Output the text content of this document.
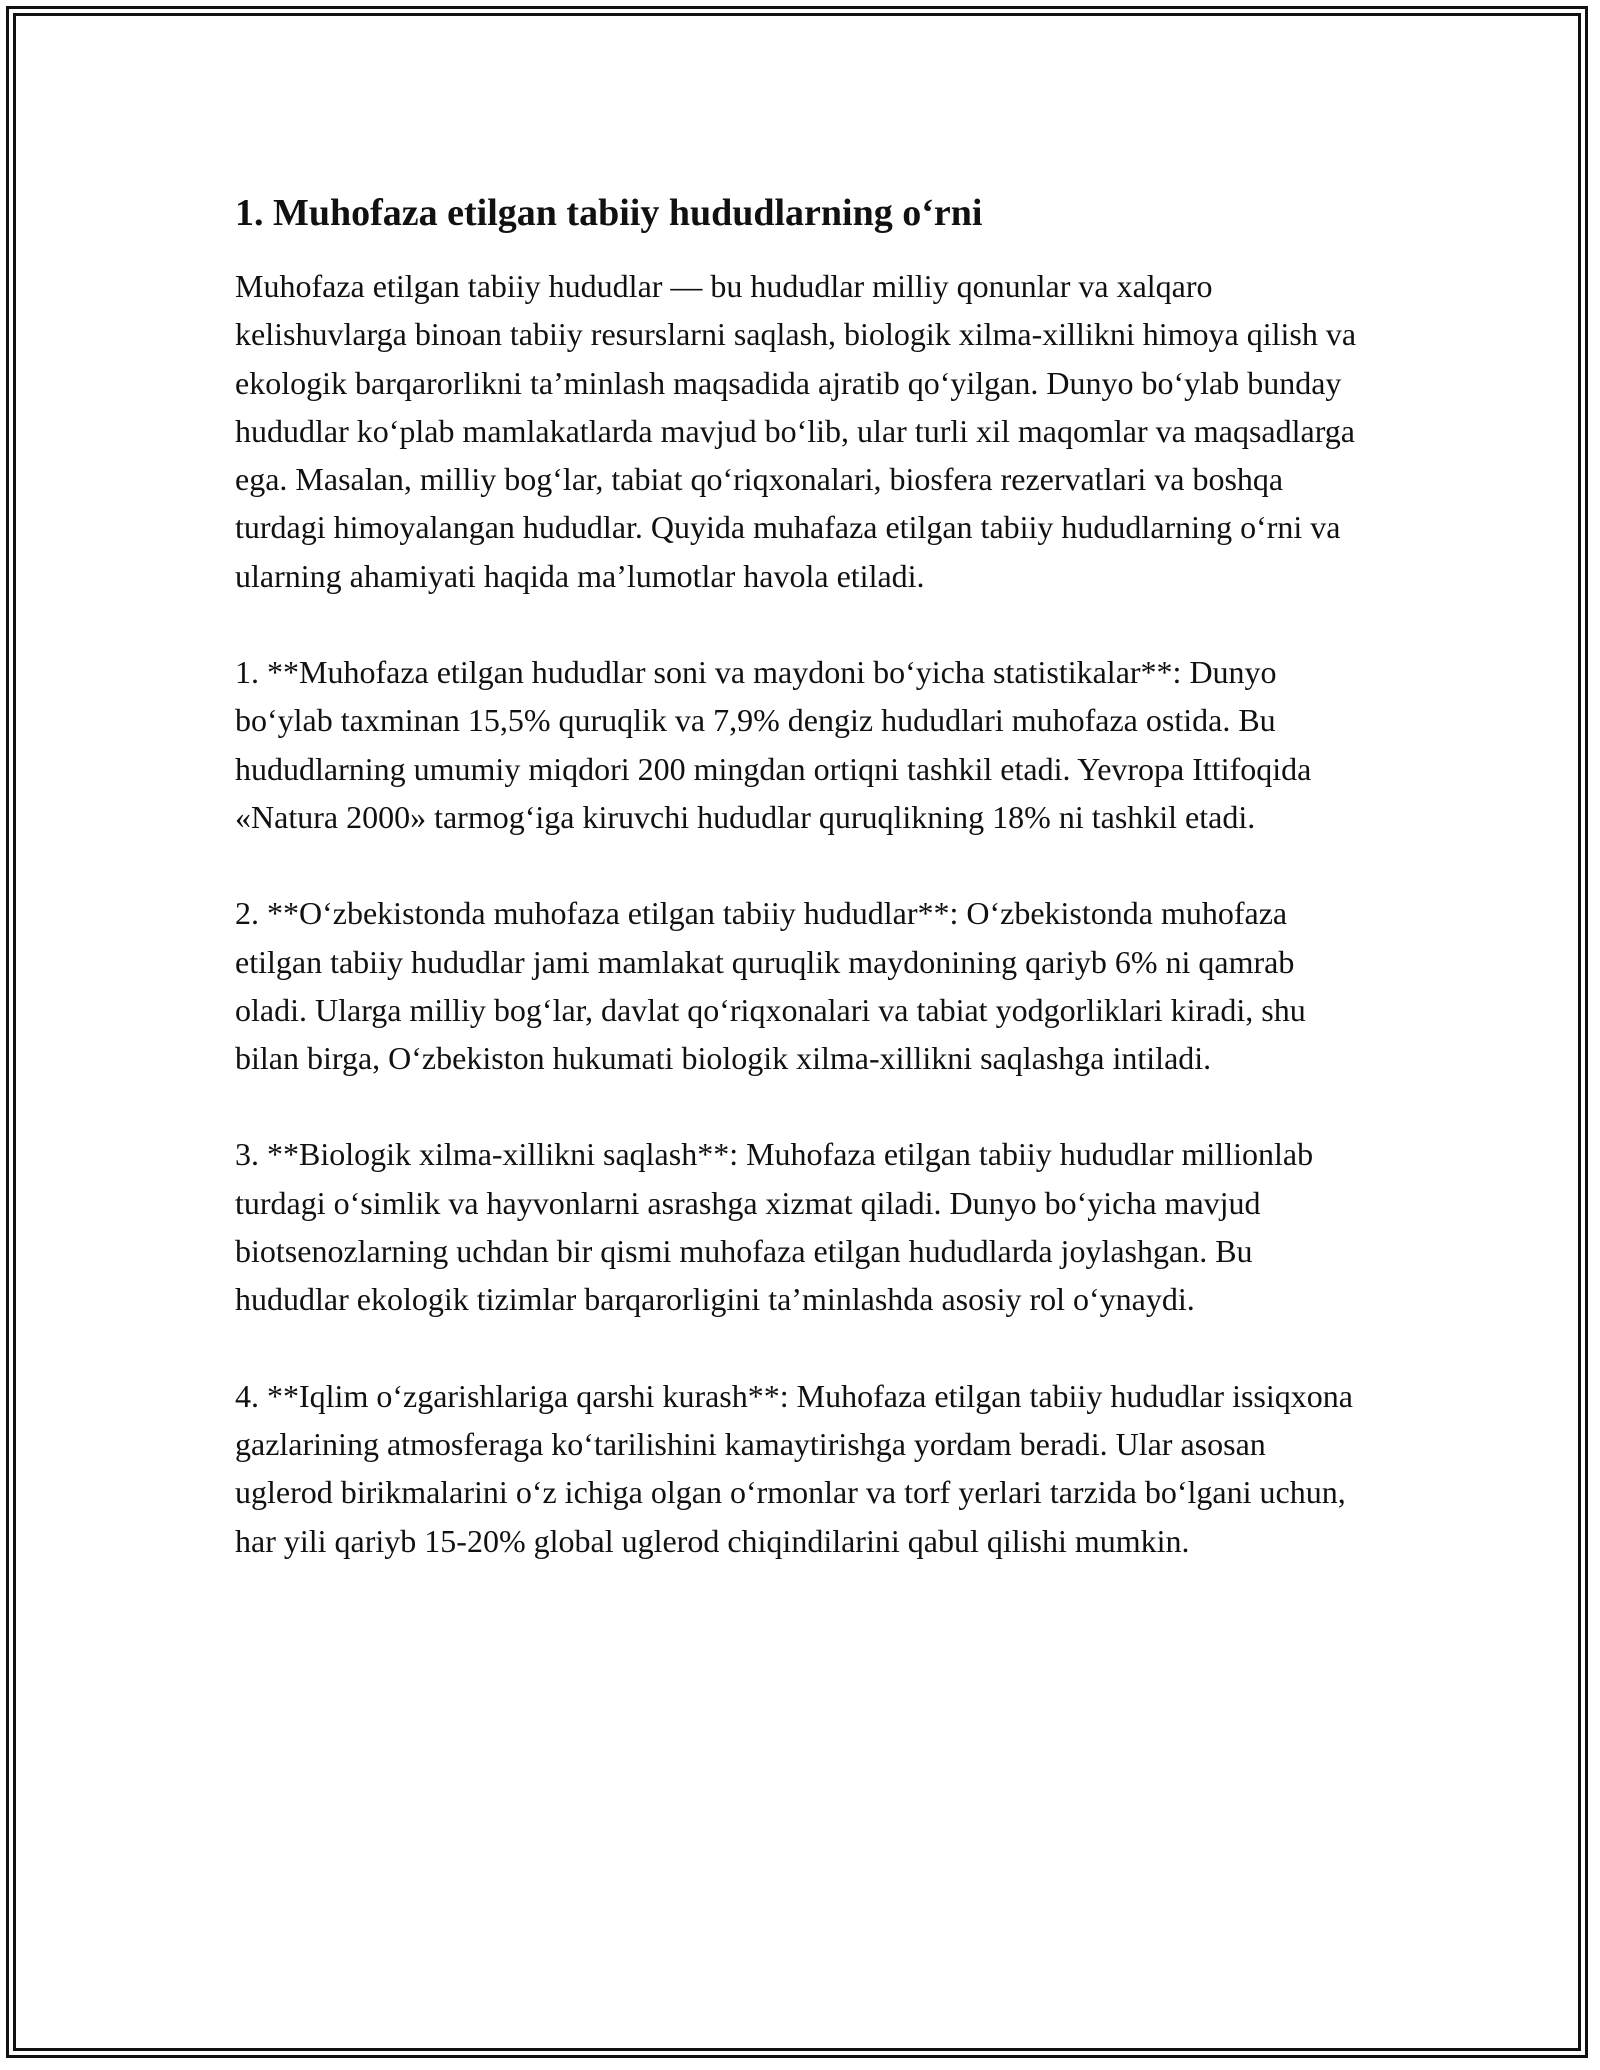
1. Muhofaza etilgan tabiiy hududlarning o‘rni

Muhofaza etilgan tabiiy hududlar — bu hududlar milliy qonunlar va xalqaro kelishuvlarga binoan tabiiy resurslarni saqlash, biologik xilma-xillikni himoya qilish va ekologik barqarorlikni ta’minlash maqsadida ajratib qo‘yilgan. Dunyo bo‘ylab bunday hududlar ko‘plab mamlakatlarda mavjud bo‘lib, ular turli xil maqomlar va maqsadlarga ega. Masalan, milliy bog‘lar, tabiat qo‘riqxonalari, biosfera rezervatlari va boshqa turdagi himoyalangan hududlar. Quyida muhafaza etilgan tabiiy hududlarning o‘rni va ularning ahamiyati haqida ma’lumotlar havola etiladi.

1. **Muhofaza etilgan hududlar soni va maydoni bo‘yicha statistikalar**: Dunyo bo‘ylab taxminan 15,5% quruqlik va 7,9% dengiz hududlari muhofaza ostida. Bu hududlarning umumiy miqdori 200 mingdan ortiqni tashkil etadi. Yevropa Ittifoqida «Natura 2000» tarmog‘iga kiruvchi hududlar quruqlikning 18% ni tashkil etadi.

2. **O‘zbekistonda muhofaza etilgan tabiiy hududlar**: O‘zbekistonda muhofaza etilgan tabiiy hududlar jami mamlakat quruqlik maydonining qariyb 6% ni qamrab oladi. Ularga milliy bog‘lar, davlat qo‘riqxonalari va tabiat yodgorliklari kiradi, shu bilan birga, O‘zbekiston hukumati biologik xilma-xillikni saqlashga intiladi.

3. **Biologik xilma-xillikni saqlash**: Muhofaza etilgan tabiiy hududlar millionlab turdagi o‘simlik va hayvonlarni asrashga xizmat qiladi. Dunyo bo‘yicha mavjud biotsenozlarning uchdan bir qismi muhofaza etilgan hududlarda joylashgan. Bu hududlar ekologik tizimlar barqarorligini ta’minlashda asosiy rol o‘ynaydi.

4. **Iqlim o‘zgarishlariga qarshi kurash**: Muhofaza etilgan tabiiy hududlar issiqxona gazlarining atmosferaga ko‘tarilishini kamaytirishga yordam beradi. Ular asosan uglerod birikmalarini o‘z ichiga olgan o‘rmonlar va torf yerlari tarzida bo‘lgani uchun, har yili qariyb 15-20% global uglerod chiqindilarini qabul qilishi mumkin.
